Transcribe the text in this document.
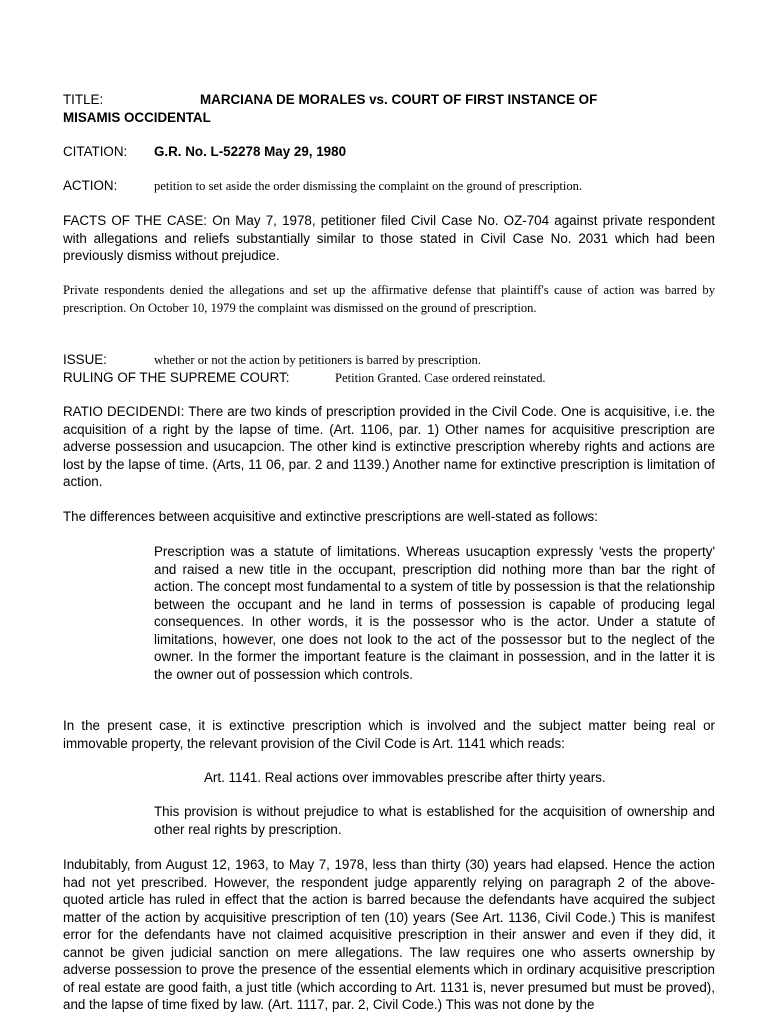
TITLE:	MARCIANA DE MORALES vs. COURT OF FIRST INSTANCE OF
MISAMIS OCCIDENTAL
CITATION: G.R. No. L-52278 May 29, 1980
ACTION:	petition to set aside the order dismissing the complaint on the ground of prescription.

FACTS OF THE CASE: On May 7, 1978, petitioner filed Civil Case No. OZ-704 against private respondent with allegations and reliefs substantially similar to those stated in Civil Case No. 2031 which had been previously dismiss without prejudice.

Private respondents denied the allegations and set up the affirmative defense that plaintiff's cause of action was barred by prescription. On October 10, 1979 the complaint was dismissed on the ground of prescription.

ISSUE:	whether or not the action by petitioners is barred by prescription.
RULING OF THE SUPREME COURT:	Petition Granted. Case ordered reinstated.

RATIO DECIDENDI: There are two kinds of prescription provided in the Civil Code. One is acquisitive, i.e. the acquisition of a right by the lapse of time. (Art. 1106, par. 1) Other names for acquisitive prescription are adverse possession and usucapcion. The other kind is extinctive prescription whereby rights and actions are lost by the lapse of time. (Arts, 11 06, par. 2 and 1139.) Another name for extinctive prescription is limitation of action.

The differences between acquisitive and extinctive prescriptions are well-stated as follows:

Prescription was a statute of limitations. Whereas usucaption expressly 'vests the property' and raised a new title in the occupant, prescription did nothing more than bar the right of action. The concept most fundamental to a system of title by possession is that the relationship between the occupant and he land in terms of possession is capable of producing legal consequences. In other words, it is the possessor who is the actor. Under a statute of limitations, however, one does not look to the act of the possessor but to the neglect of the owner. In the former the important feature is the claimant in possession, and in the latter it is the owner out of possession which controls.

In the present case, it is extinctive prescription which is involved and the subject matter being real or immovable property, the relevant provision of the Civil Code is Art. 1141 which reads:

Art. 1141. Real actions over immovables prescribe after thirty years.

This provision is without prejudice to what is established for the acquisition of ownership and other real rights by prescription.

Indubitably, from August 12, 1963, to May 7, 1978, less than thirty (30) years had elapsed. Hence the action had not yet prescribed. However, the respondent judge apparently relying on paragraph 2 of the above-quoted article has ruled in effect that the action is barred because the defendants have acquired the subject matter of the action by acquisitive prescription of ten (10) years (See Art. 1136, Civil Code.) This is manifest error for the defendants have not claimed acquisitive prescription in their answer and even if they did, it cannot be given judicial sanction on mere allegations. The law requires one who asserts ownership by adverse possession to prove the presence of the essential elements which in ordinary acquisitive prescription of real estate are good faith, a just title (which according to Art. 1131 is, never presumed but must be proved), and the lapse of time fixed by law. (Art. 1117, par. 2, Civil Code.) This was not done by the
